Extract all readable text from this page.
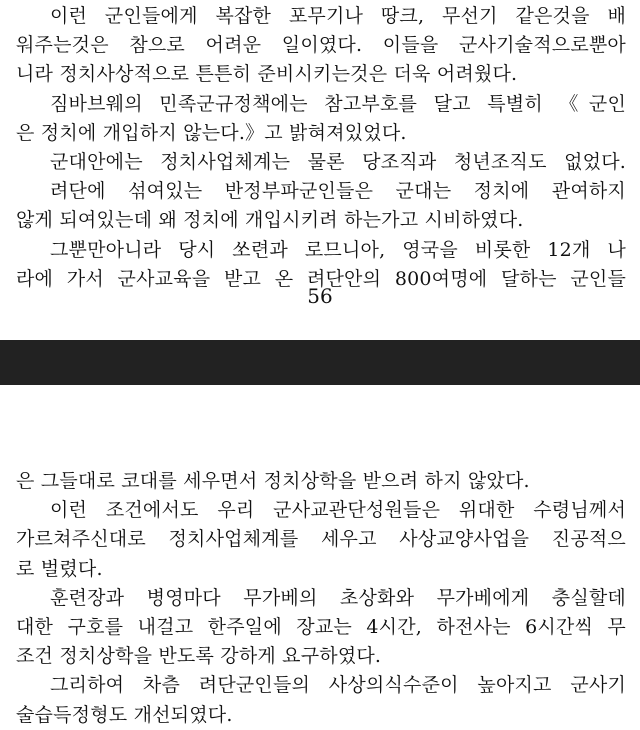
이런 군인들에게 복잡한 포무기나 땅크, 무선기 같은것을 배
워주는것은 참으로 어려운 일이였다. 이들을 군사기술적으로뿐아
니라 정치사상적으로 튼튼히 준비시키는것은 더욱 어려웠다.
짐바브웨의 민족군규정책에는 참고부호를 달고 특별히 《군인
은 정치에 개입하지 않는다.》고 밝혀져있었다.
군대안에는 정치사업체계는 물론 당조직과 청년조직도 없었다.
려단에 섞여있는 반정부파군인들은 군대는 정치에 관여하지
않게 되여있는데 왜 정치에 개입시키려 하는가고 시비하였다.
그뿐만아니라 당시 쏘련과 로므니아, 영국을 비롯한 12개 나
라에 가서 군사교육을 받고 온 려단안의 800여명에 달하는 군인들
56
은 그들대로 코대를 세우면서 정치상학을 받으려 하지 않았다.
이런 조건에서도 우리 군사교관단성원들은 위대한 수령님께서
가르쳐주신대로 정치사업체계를 세우고 사상교양사업을 진공적으
로 벌렸다.
훈련장과 병영마다 무가베의 초상화와 무가베에게 충실할데
대한 구호를 내걸고 한주일에 장교는 4시간, 하전사는 6시간씩 무
조건 정치상학을 반도록 강하게 요구하였다.
그리하여 차츰 려단군인들의 사상의식수준이 높아지고 군사기
술습득정형도 개선되였다.
